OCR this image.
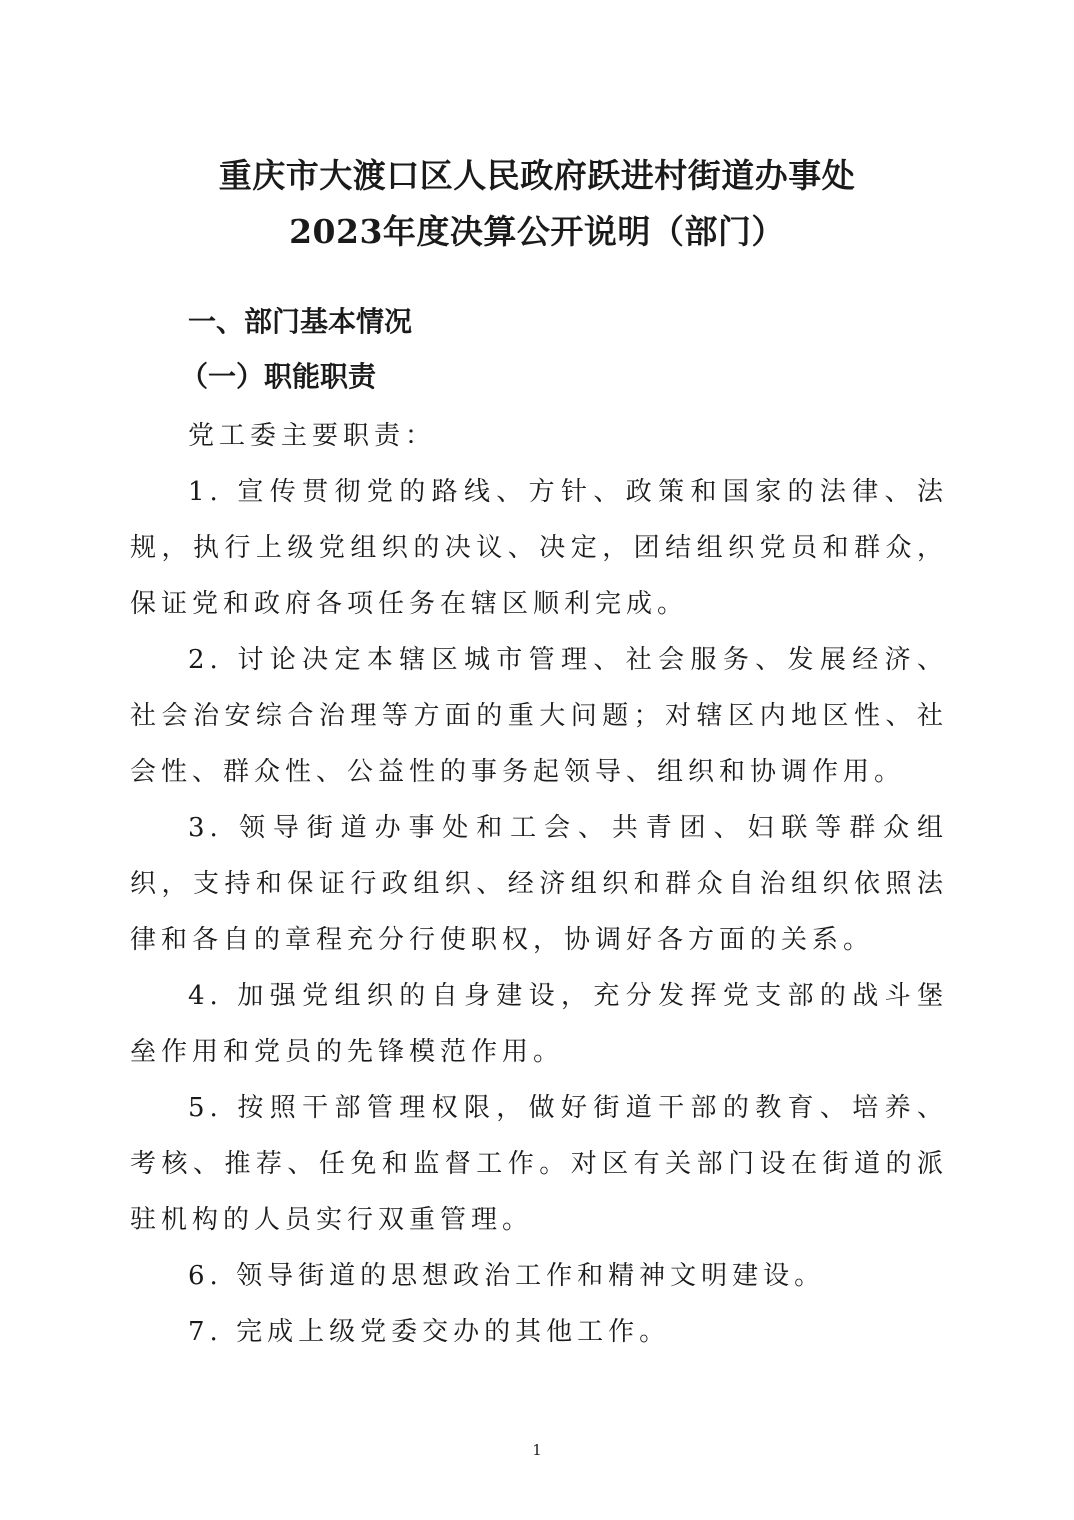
重庆市大渡口区人民政府跃进村街道办事处
2023年度决算公开说明（部门）
一、部门基本情况
（一）职能职责

党工委主要职责：

1. 宣传贯彻党的路线、方针、政策和国家的法律、法规，执行上级党组织的决议、决定，团结组织党员和群众，保证党和政府各项任务在辖区顺利完成。

2. 讨论决定本辖区城市管理、社会服务、发展经济、社会治安综合治理等方面的重大问题；对辖区内地区性、社会性、群众性、公益性的事务起领导、组织和协调作用。

3. 领导街道办事处和工会、共青团、妇联等群众组织，支持和保证行政组织、经济组织和群众自治组织依照法律和各自的章程充分行使职权，协调好各方面的关系。

4. 加强党组织的自身建设，充分发挥党支部的战斗堡垒作用和党员的先锋模范作用。

5. 按照干部管理权限，做好街道干部的教育、培养、考核、推荐、任免和监督工作。对区有关部门设在街道的派驻机构的人员实行双重管理。

6. 领导街道的思想政治工作和精神文明建设。

7. 完成上级党委交办的其他工作。

1
